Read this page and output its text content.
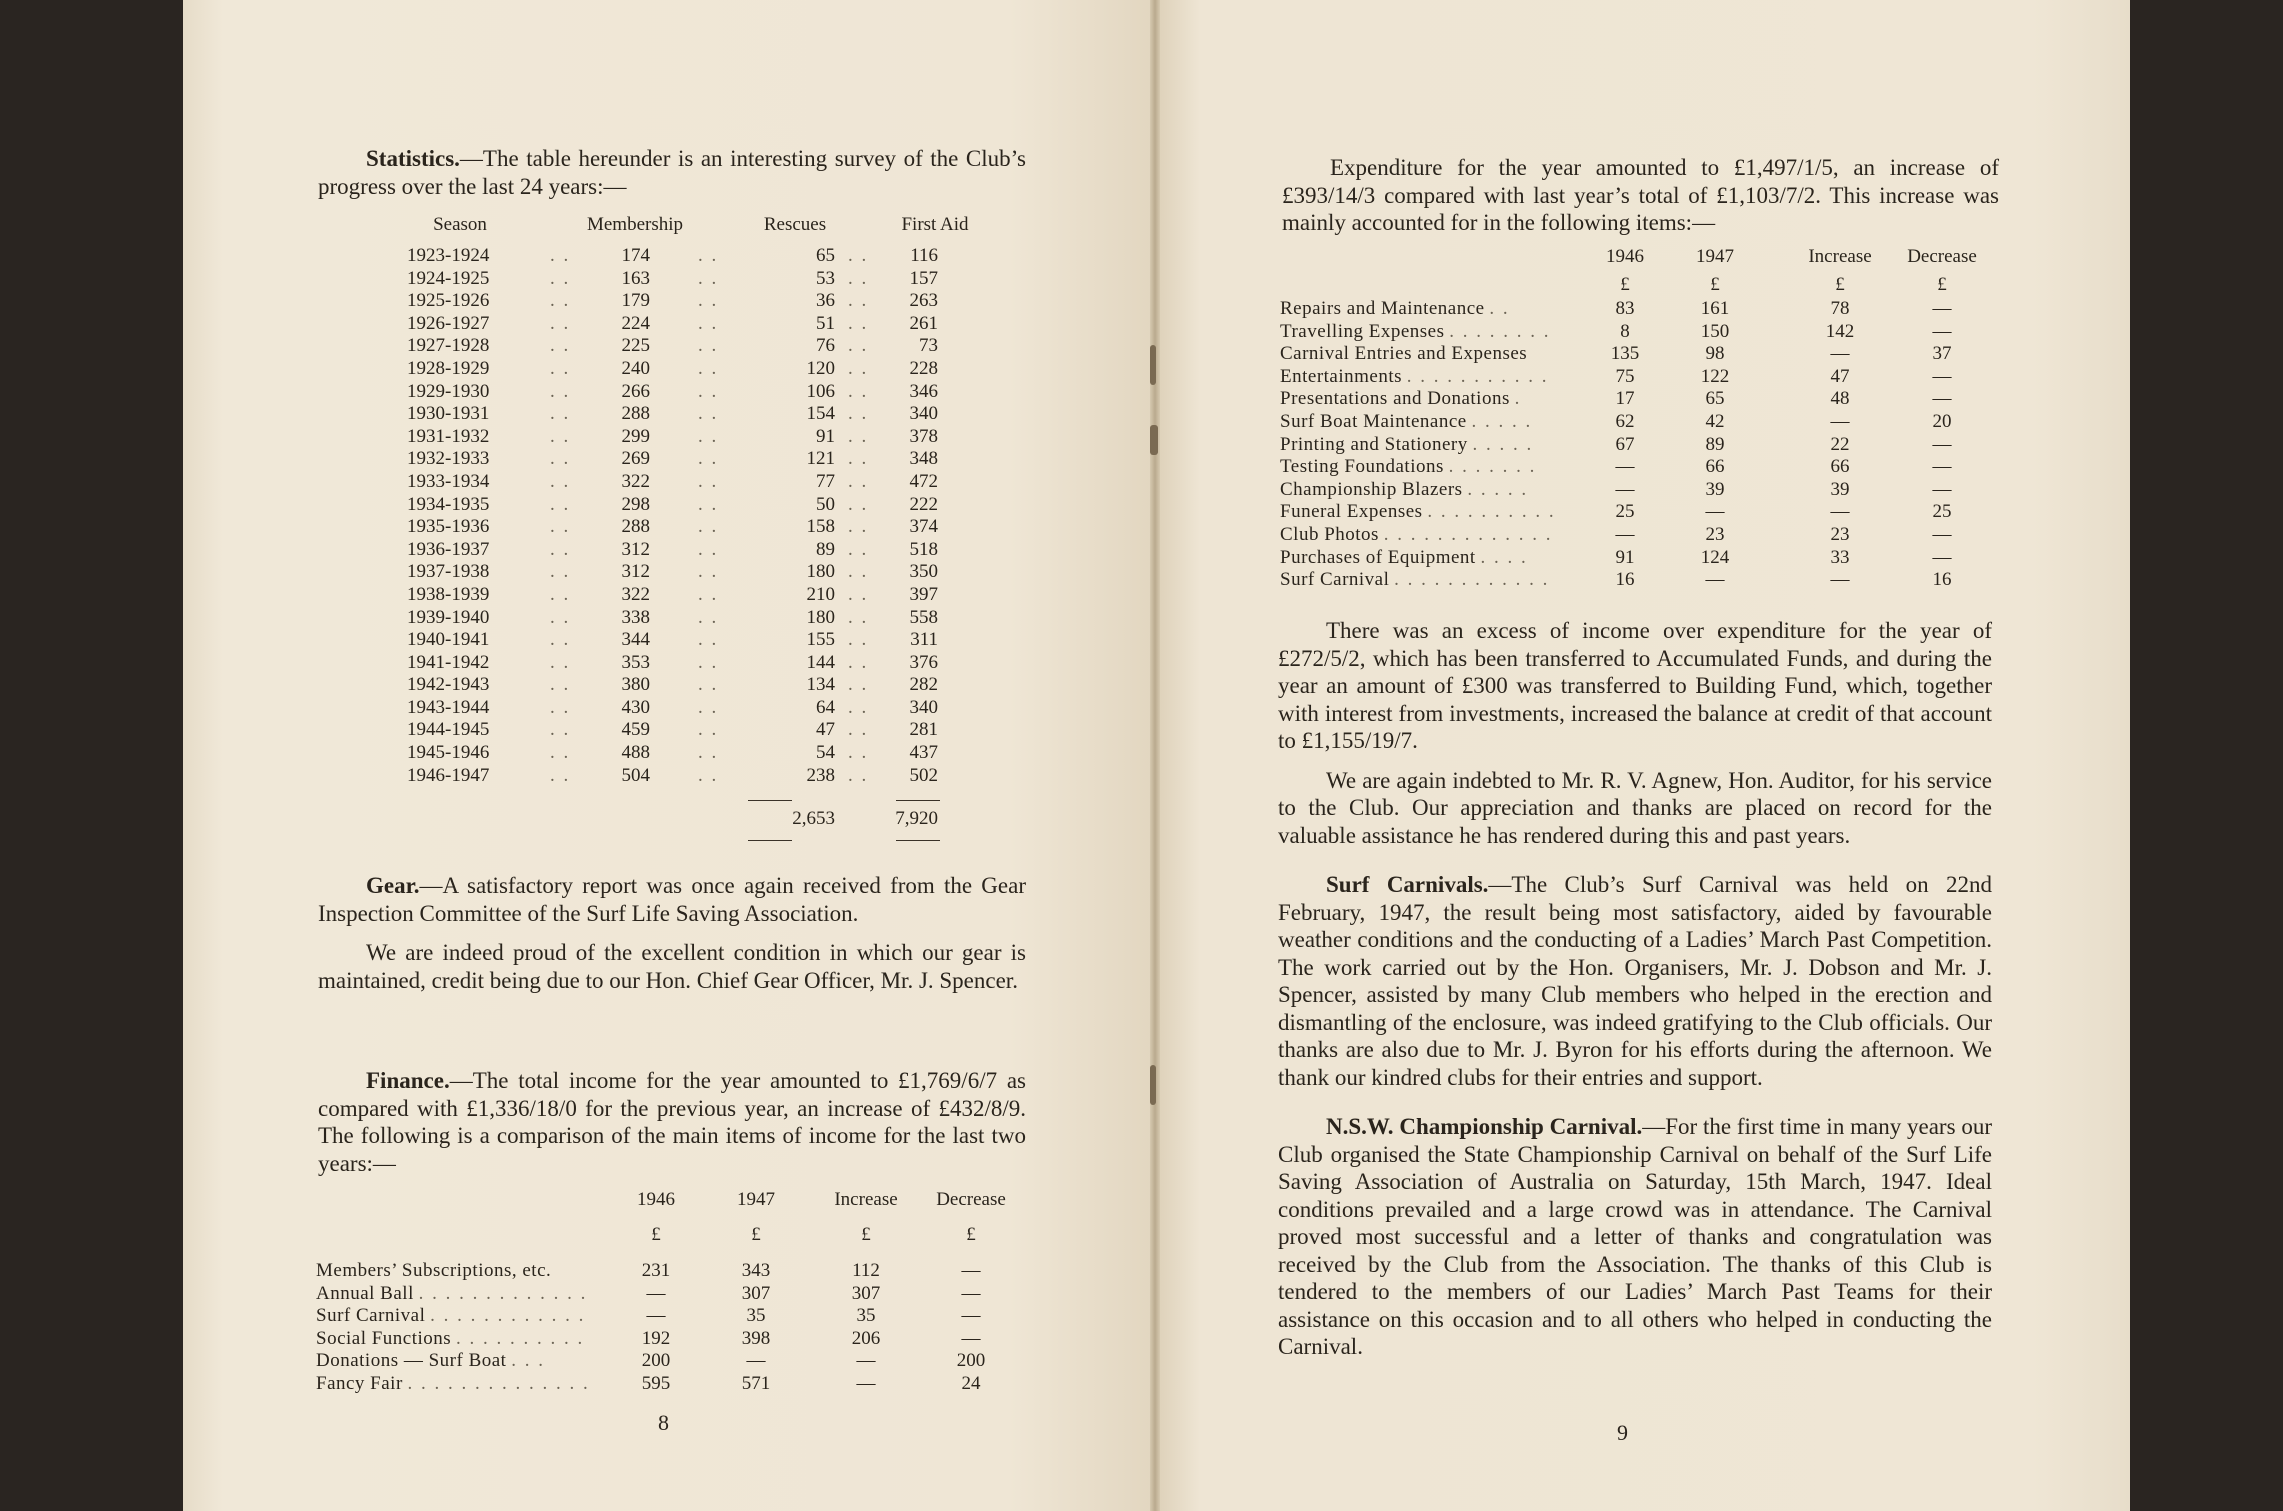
Statistics.—The table hereunder is an interesting survey of the Club’s progress over the last 24 years:—

Season	Membership	Rescues	First Aid
1923-1924	. .	174	. .	65 . .	116
1924-1925	. .	163	. .	53 . .	157
1925-1926	. .	179	. .	36 . .	263
1926-1927	. .	224	. .	51 . .	261
1927-1928	. .	225	. .	76 . .	73
1928-1929	. .	240	. .	120 . .	228
1929-1930	. .	266	. .	106 . .	346
1930-1931	. .	288	. .	154 . .	340
1931-1932	. .	299	. .	91 . .	378
1932-1933	. .	269	. .	121 . .	348
1933-1934	. .	322	. .	77 . .	472
1934-1935	. .	298	. .	50 . .	222
1935-1936	. .	288	. .	158 . .	374
1936-1937	. .	312	. .	89 . .	518
1937-1938	. .	312	. .	180 . .	350
1938-1939	. .	322	. .	210 . .	397
1939-1940	. .	338	. .	180 . .	558
1940-1941	. .	344	. .	155 . .	311
1941-1942	. .	353	. .	144 . .	376
1942-1943	. .	380	. .	134 . .	282
1943-1944	. .	430	. .	64 . .	340
1944-1945	. .	459	. .	47 . .	281
1945-1946	. .	488	. .	54 . .	437
1946-1947	. .	504	. .	238 . .	502
2,653	7,920

Gear.—A satisfactory report was once again received from the Gear Inspection Committee of the Surf Life Saving Association.

We are indeed proud of the excellent condition in which our gear is maintained, credit being due to our Hon. Chief Gear Officer, Mr. J. Spencer.

Finance.—The total income for the year amounted to £1,769/6/7 as compared with £1,336/18/0 for the previous year, an increase of £432/8/9. The following is a comparison of the main items of income for the last two years:—

1946	1947	Increase	Decrease
£	£	£	£
Members’ Subscriptions, etc.	231	343	112	—
Annual Ball . . . . . . . . . . . . .	—	307	307	—
Surf Carnival . . . . . . . . . . . .	—	35	35	—
Social Functions . . . . . . . . . .	192	398	206	—
Donations — Surf Boat . . .	200	—	—	200
Fancy Fair . . . . . . . . . . . . . .	595	571	—	24
8

Expenditure for the year amounted to £1,497/1/5, an increase of £393/14/3 compared with last year’s total of £1,103/7/2. This increase was mainly accounted for in the following items:—

1946	1947	Increase	Decrease
£	£	£	£
Repairs and Maintenance . .	83	161	78	—
Travelling Expenses . . . . . . . .	8	150	142	—
Carnival Entries and Expenses	135	98	—	37
Entertainments . . . . . . . . . . .	75	122	47	—
Presentations and Donations .	17	65	48	—
Surf Boat Maintenance . . . . .	62	42	—	20
Printing and Stationery . . . . .	67	89	22	—
Testing Foundations . . . . . . .	—	66	66	—
Championship Blazers . . . . .	—	39	39	—
Funeral Expenses . . . . . . . . . .	25	—	—	25
Club Photos . . . . . . . . . . . . .	—	23	23	—
Purchases of Equipment . . . .	91	124	33	—
Surf Carnival . . . . . . . . . . . .	16	—	—	16

There was an excess of income over expenditure for the year of £272/5/2, which has been transferred to Accumulated Funds, and during the year an amount of £300 was transferred to Building Fund, which, together with interest from investments, increased the balance at credit of that account to £1,155/19/7.

We are again indebted to Mr. R. V. Agnew, Hon. Auditor, for his service to the Club. Our appreciation and thanks are placed on record for the valuable assistance he has rendered during this and past years.

Surf Carnivals.—The Club’s Surf Carnival was held on 22nd February, 1947, the result being most satisfactory, aided by favourable weather conditions and the conducting of a Ladies’ March Past Competition. The work carried out by the Hon. Organisers, Mr. J. Dobson and Mr. J. Spencer, assisted by many Club members who helped in the erection and dismantling of the enclosure, was indeed gratifying to the Club officials. Our thanks are also due to Mr. J. Byron for his efforts during the afternoon. We thank our kindred clubs for their entries and support.

N.S.W. Championship Carnival.—For the first time in many years our Club organised the State Championship Carnival on behalf of the Surf Life Saving Association of Australia on Saturday, 15th March, 1947. Ideal conditions prevailed and a large crowd was in attendance. The Carnival proved most successful and a letter of thanks and congratulation was received by the Club from the Association. The thanks of this Club is tendered to the members of our Ladies’ March Past Teams for their assistance on this occasion and to all others who helped in conducting the Carnival.

9
